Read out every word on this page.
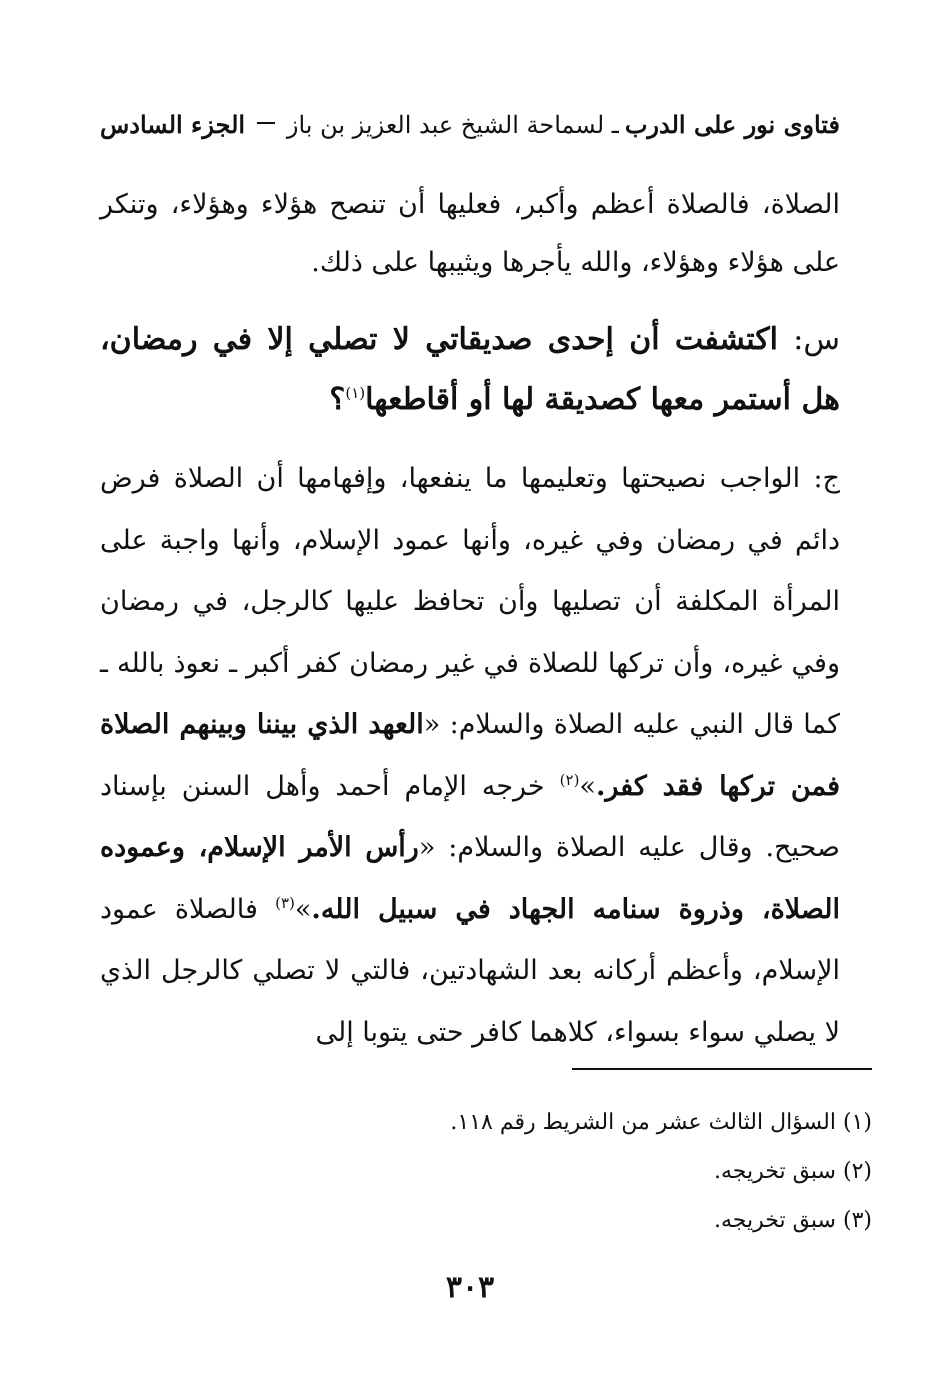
فتاوى نور على الدرب
ـ لسماحة الشيخ عبد العزيز بن باز
الجزء السادس

الصلاة، فالصلاة أعظم وأكبر، فعليها أن تنصح هؤلاء وهؤلاء، وتنكر على هؤلاء وهؤلاء، والله يأجرها ويثيبها على ذلك.

س: اكتشفت أن إحدى صديقاتي لا تصلي إلا في رمضان، هل أستمر معها كصديقة لها أو أقاطعها$^{(١)}$؟
ج: الواجب نصيحتها وتعليمها ما ينفعها، وإفهامها أن الصلاة فرض دائم في رمضان وفي غيره، وأنها عمود الإسلام، وأنها واجبة على المرأة المكلفة أن تصليها وأن تحافظ عليها كالرجل، في رمضان وفي غيره، وأن تركها للصلاة في غير رمضان كفر أكبر ـ نعوذ بالله ـ كما قال النبي عليه الصلاة والسلام: «العهد الذي بيننا وبينهم الصلاة فمن تركها فقد كفر.»$^{(٢)}$ خرجه الإمام أحمد وأهل السنن بإسناد صحيح. وقال عليه الصلاة والسلام: «رأس الأمر الإسلام، وعموده الصلاة، وذروة سنامه الجهاد في سبيل الله.»$^{(٣)}$ فالصلاة عمود الإسلام، وأعظم أركانه بعد الشهادتين، فالتي لا تصلي كالرجل الذي لا يصلي سواء بسواء، كلاهما كافر حتى يتوبا إلى
(١) السؤال الثالث عشر من الشريط رقم ١١٨.
(٢) سبق تخريجه.
(٣) سبق تخريجه.
٣٠٣
